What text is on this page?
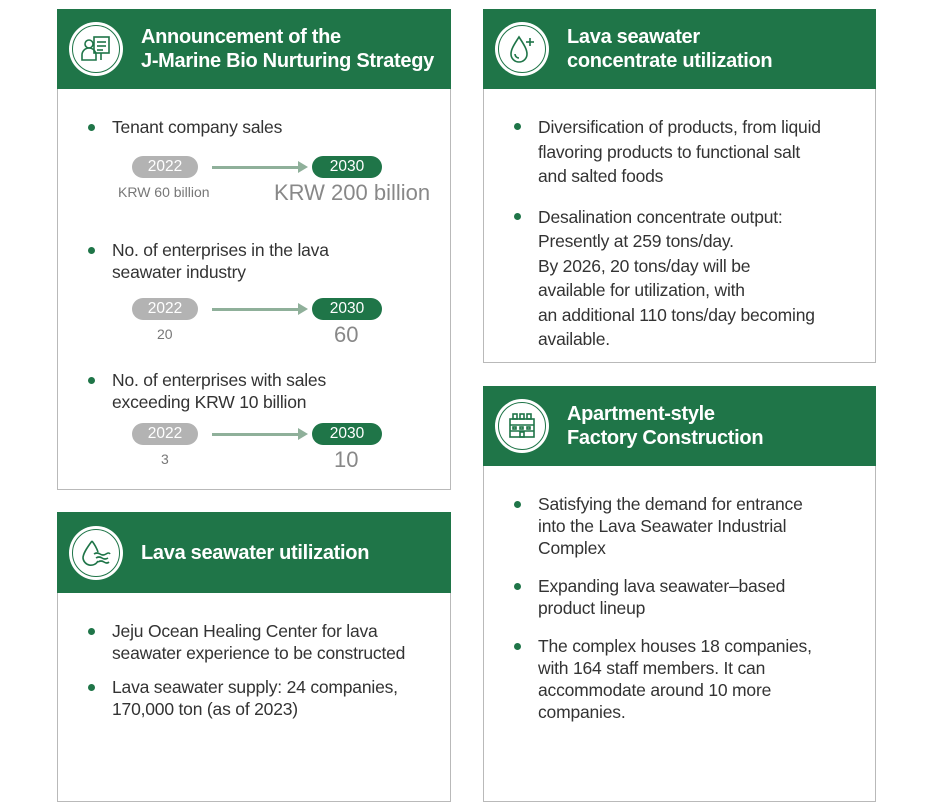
Announcement of the
J-Marine Bio Nurturing Strategy
Tenant company sales
2022	2030
KRW 60 billion	KRW 200 billion
No. of enterprises in the lava
seawater industry
2022	2030
20	60
No. of enterprises with sales
exceeding KRW 10 billion
2022	2030
3	10
Lava seawater
concentrate utilization
Diversification of products, from liquid
flavoring products to functional salt
and salted foods
Desalination concentrate output:
Presently at 259 tons/day.
By 2026, 20 tons/day will be
available for utilization, with
an additional 110 tons/day becoming
available.
Lava seawater utilization
Jeju Ocean Healing Center for lava
seawater experience to be constructed
Lava seawater supply: 24 companies,
170,000 ton (as of 2023)
Apartment-style
Factory Construction
Satisfying the demand for entrance
into the Lava Seawater Industrial
Complex
Expanding lava seawater–based
product lineup
The complex houses 18 companies,
with 164 staff members. It can
accommodate around 10 more
companies.
